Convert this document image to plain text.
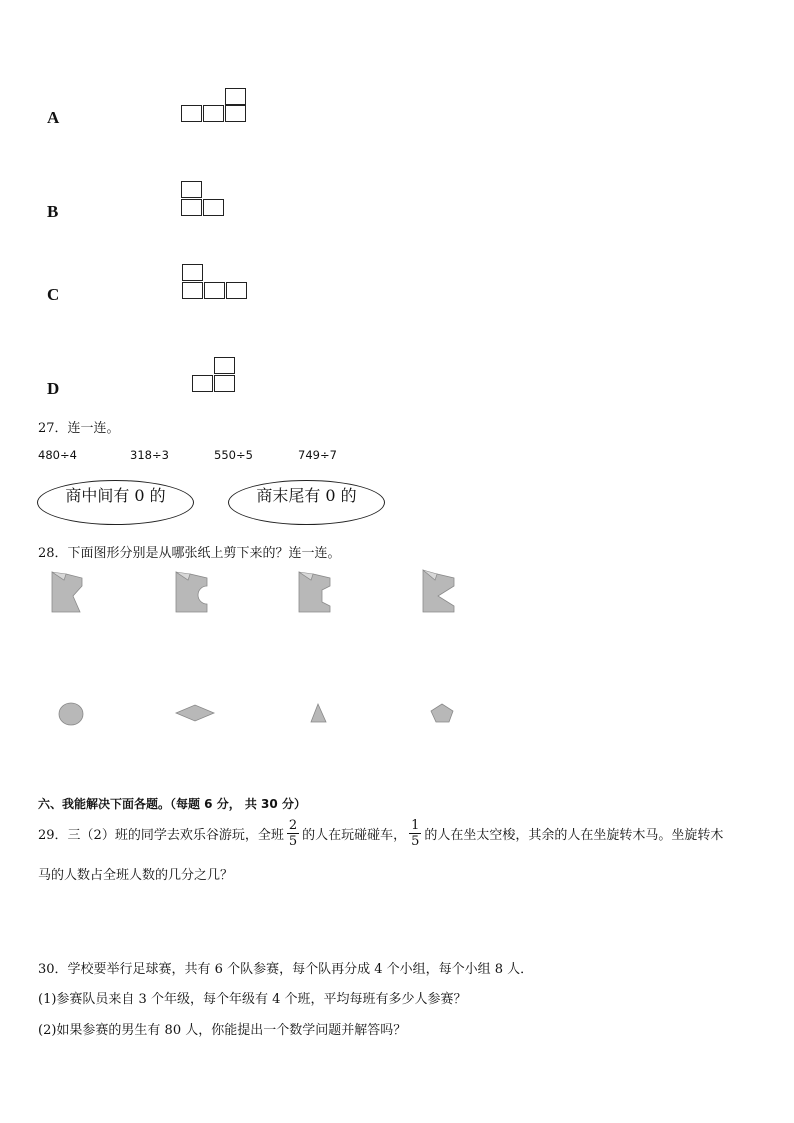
A
B
C
D
27．连一连。
480÷4	318÷3	550÷5	749÷7
商中间有 0 的	商末尾有 0 的
28．下面图形分别是从哪张纸上剪下来的？连一连。
六、我能解决下面各题。（每题 6 分， 共 30 分）
29．三（2）班的同学去欢乐谷游玩，全班 $\frac{2}{5}$ 的人在玩碰碰车， $\frac{1}{5}$ 的人在坐太空梭，其余的人在坐旋转木马。坐旋转木
马的人数占全班人数的几分之几？
30．学校要举行足球赛，共有 6 个队参赛，每个队再分成 4 个小组，每个小组 8 人．
(1)参赛队员来自 3 个年级，每个年级有 4 个班，平均每班有多少人参赛？
(2)如果参赛的男生有 80 人，你能提出一个数学问题并解答吗？
